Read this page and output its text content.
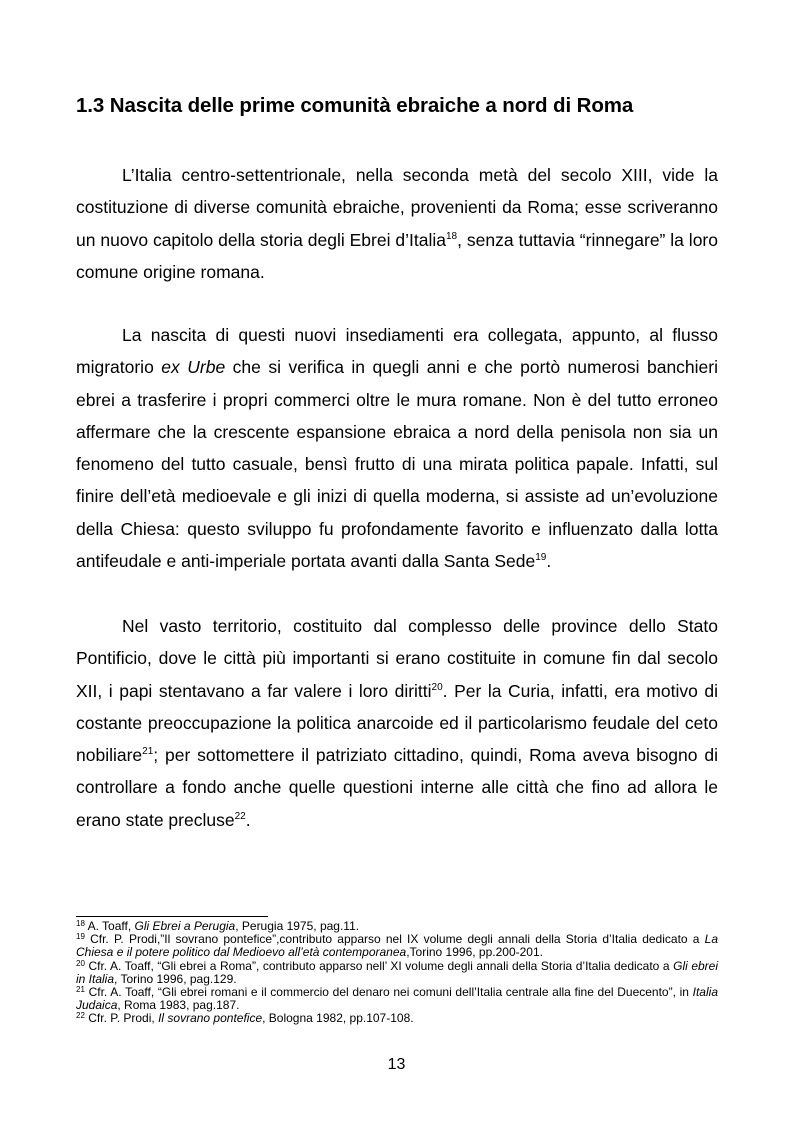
1.3 Nascita delle prime comunità ebraiche a nord di Roma

L’Italia centro-settentrionale, nella seconda metà del secolo XIII, vide la costituzione di diverse comunità ebraiche, provenienti da Roma; esse scriveranno un nuovo capitolo della storia degli Ebrei d’Italia$^{18}$, senza tuttavia “rinnegare” la loro comune origine romana.

La nascita di questi nuovi insediamenti era collegata, appunto, al flusso migratorio ex Urbe che si verifica in quegli anni e che portò numerosi banchieri ebrei a trasferire i propri commerci oltre le mura romane. Non è del tutto erroneo affermare che la crescente espansione ebraica a nord della penisola non sia un fenomeno del tutto casuale, bensì frutto di una mirata politica papale. Infatti, sul finire dell’età medioevale e gli inizi di quella moderna, si assiste ad un’evoluzione della Chiesa: questo sviluppo fu profondamente favorito e influenzato dalla lotta antifeudale e anti-imperiale portata avanti dalla Santa Sede$^{19}$.

Nel vasto territorio, costituito dal complesso delle province dello Stato Pontificio, dove le città più importanti si erano costituite in comune fin dal secolo XII, i papi stentavano a far valere i loro diritti$^{20}$. Per la Curia, infatti, era motivo di costante preoccupazione la politica anarcoide ed il particolarismo feudale del ceto nobiliare$^{21}$; per sottomettere il patriziato cittadino, quindi, Roma aveva bisogno di controllare a fondo anche quelle questioni interne alle città che fino ad allora le erano state precluse$^{22}$.

$^{18}$ A. Toaff, Gli Ebrei a Perugia, Perugia 1975, pag.11.

$^{19}$ Cfr. P. Prodi,”Il sovrano pontefice”,contributo apparso nel IX volume degli annali della Storia d’Italia dedicato a La Chiesa e il potere politico dal Medioevo all’età contemporanea,Torino 1996, pp.200-201.

$^{20}$ Cfr. A. Toaff, “Gli ebrei a Roma”, contributo apparso nell’ XI volume degli annali della Storia d’Italia dedicato a Gli ebrei in Italia, Torino 1996, pag.129.

$^{21}$ Cfr. A. Toaff, “Gli ebrei romani e il commercio del denaro nei comuni dell’Italia centrale alla fine del Duecento”, in Italia Judaica, Roma 1983, pag.187.

$^{22}$ Cfr. P. Prodi, Il sovrano pontefice, Bologna 1982, pp.107-108.

13
